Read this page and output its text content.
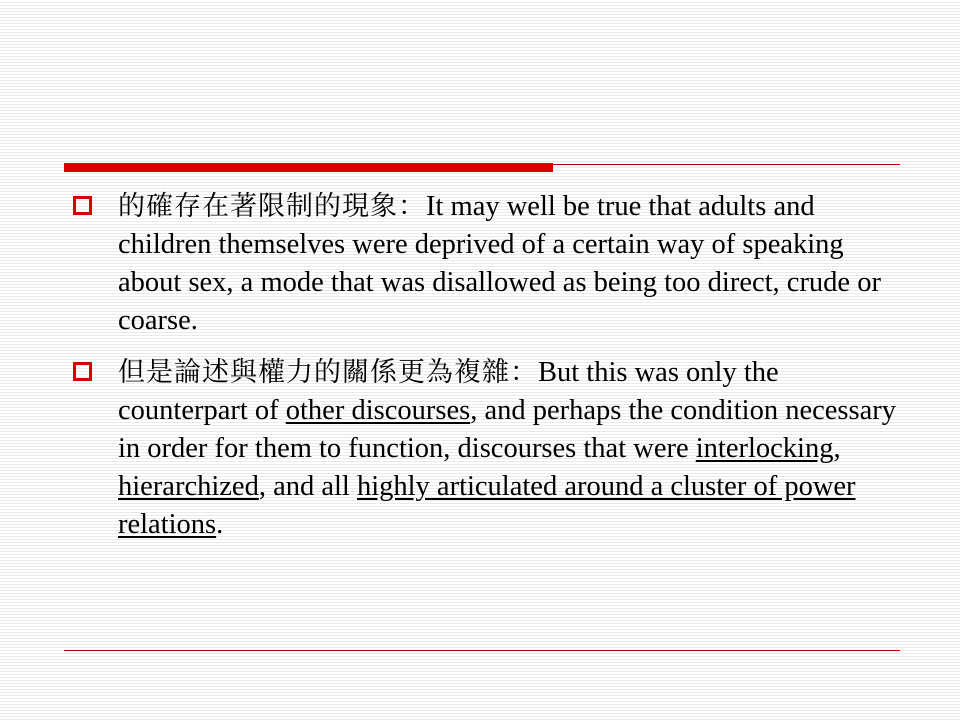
的確存在著限制的現象：It may well be true that adults and children themselves were deprived of a certain way of speaking about sex, a mode that was disallowed as being too direct, crude or coarse.
但是論述與權力的關係更為複雜：But this was only the counterpart of other discourses, and perhaps the condition necessary in order for them to function, discourses that were interlocking, hierarchized, and all highly articulated around a cluster of power relations.
